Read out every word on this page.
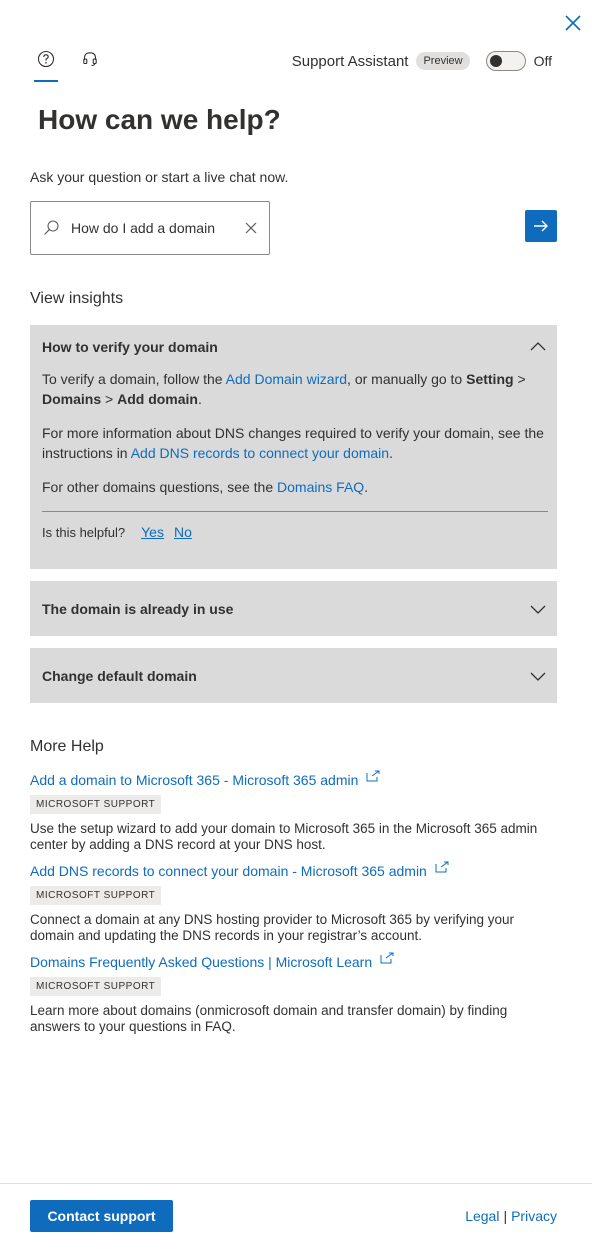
Support Assistant	Preview	Off
How can we help?
Ask your question or start a live chat now.
How do I add a domain
View insights
How to verify your domain

To verify a domain, follow the Add Domain wizard, or manually go to Setting > Domains > Add domain.

For more information about DNS changes required to verify your domain, see the instructions in Add DNS records to connect your domain.

For other domains questions, see the Domains FAQ.

Is this helpful? Yes No
The domain is already in use
Change default domain
More Help
Add a domain to Microsoft 365 - Microsoft 365 admin
MICROSOFT SUPPORT
Use the setup wizard to add your domain to Microsoft 365 in the Microsoft 365 admin center by adding a DNS record at your DNS host.
Add DNS records to connect your domain - Microsoft 365 admin
MICROSOFT SUPPORT
Connect a domain at any DNS hosting provider to Microsoft 365 by verifying your domain and updating the DNS records in your registrar’s account.
Domains Frequently Asked Questions | Microsoft Learn
MICROSOFT SUPPORT
Learn more about domains (onmicrosoft domain and transfer domain) by finding answers to your questions in FAQ.
Contact support	Legal | Privacy
